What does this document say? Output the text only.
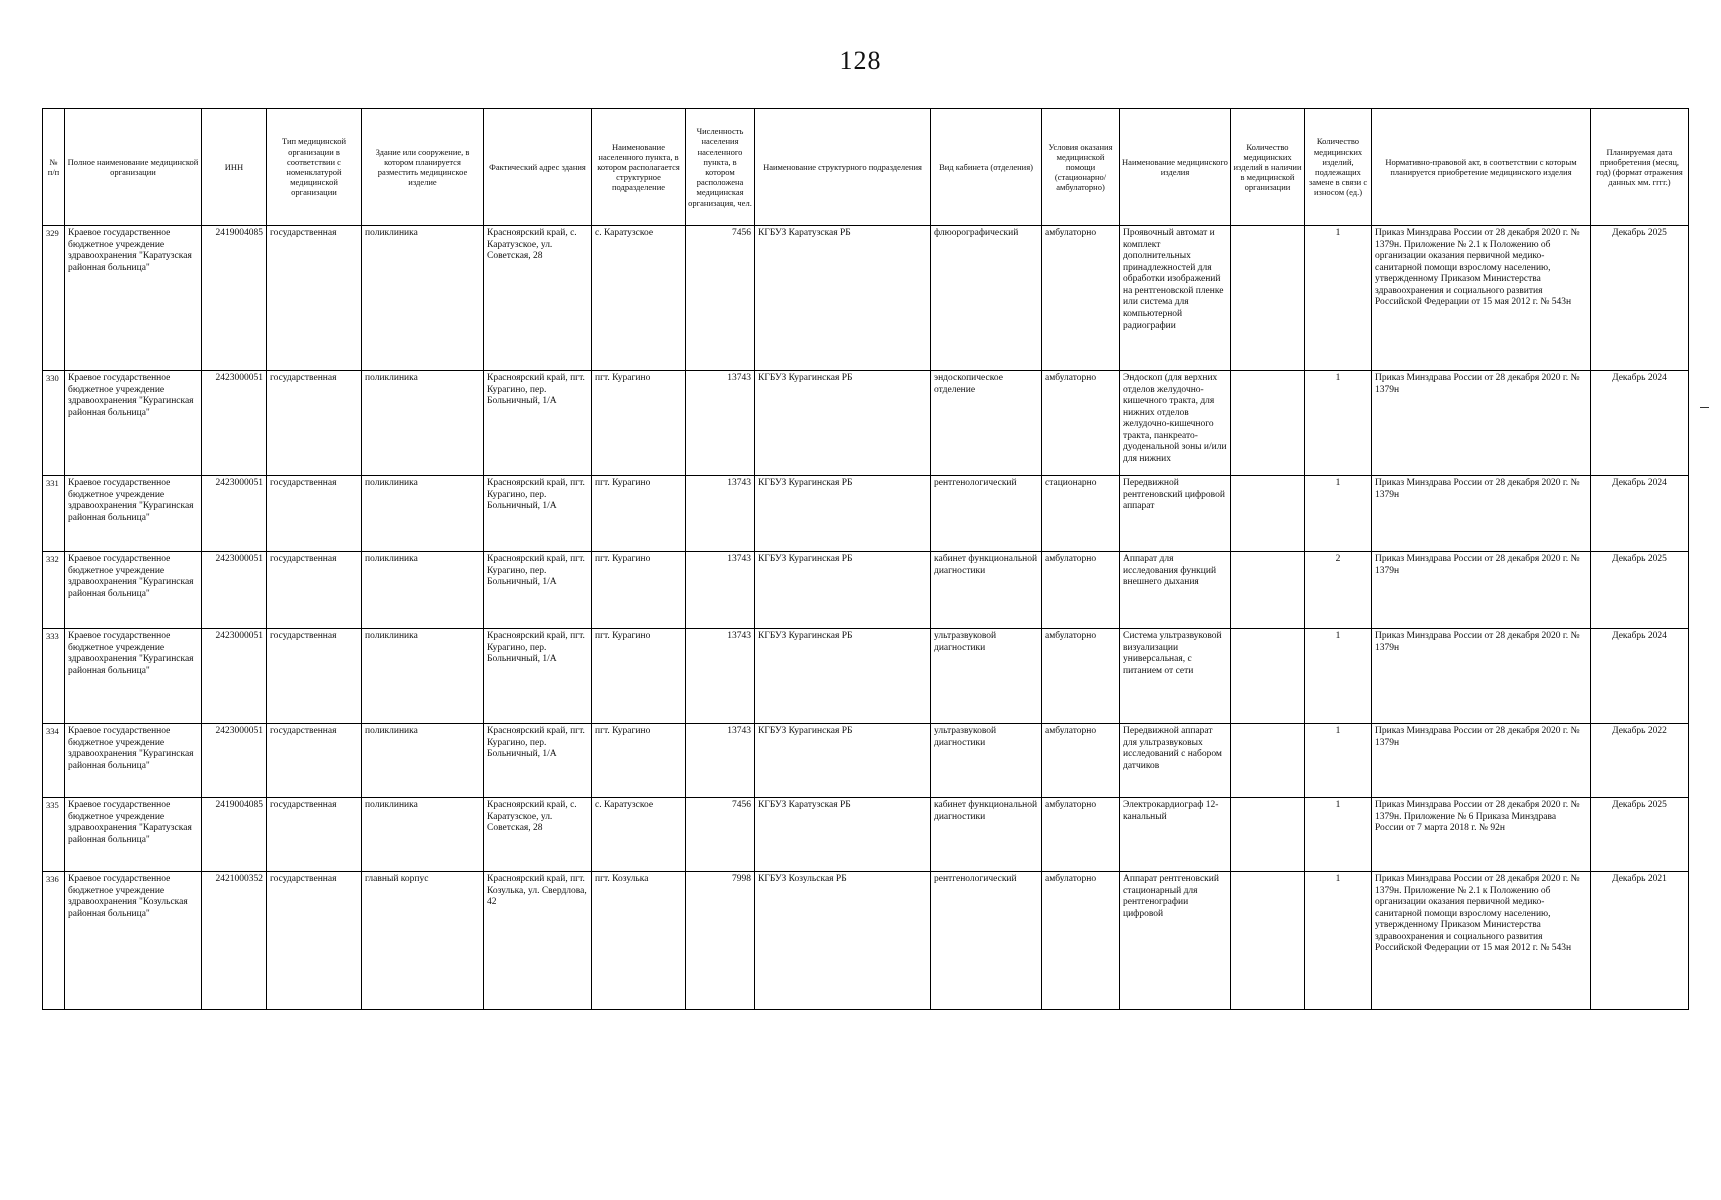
128
№ п/п	Полное наименование медицинской организации	ИНН	Тип медицинской организации в соответствии с номенклатурой медицинской организации	Здание или сооружение, в котором планируется разместить медицинское изделие	Фактический адрес здания	Наименование населенного пункта, в котором располагается структурное подразделение	Численность населения населенного пункта, в котором расположена медицинская организация, чел.	Наименование структурного подразделения	Вид кабинета (отделения)	Условия оказания медицинской помощи (стационарно/ амбулаторно)	Наименование медицинского изделия	Количество медицинских изделий в наличии в медицинской организации	Количество медицинских изделий, подлежащих замене в связи с износом (ед.)	Нормативно-правовой акт, в соответствии с которым планируется приобретение медицинского изделия	Планируемая дата приобретения (месяц, год) (формат отражения данных мм. гггг.)
329	Краевое государственное бюджетное учреждение здравоохранения "Каратузская районная больница"	2419004085	государственная	поликлиника	Красноярский край, с. Каратузское, ул. Советская, 28	с. Каратузское	7456	КГБУЗ Каратузская РБ	флюорографический	амбулаторно	Проявочный автомат и комплект дополнительных принадлежностей для обработки изображений на рентгеновской пленке или система для компьютерной радиографии		1	Приказ Минздрава России от 28 декабря 2020 г. № 1379н. Приложение № 2.1 к Положению об организации оказания первичной медико-санитарной помощи взрослому населению, утвержденному Приказом Министерства здравоохранения и социального развития Российской Федерации от 15 мая 2012 г. № 543н	Декабрь 2025
330	Краевое государственное бюджетное учреждение здравоохранения "Курагинская районная больница"	2423000051	государственная	поликлиника	Красноярский край, пгт. Курагино, пер. Больничный, 1/А	пгт. Курагино	13743	КГБУЗ Курагинская РБ	эндоскопическое отделение	амбулаторно	Эндоскоп (для верхних отделов желудочно-кишечного тракта, для нижних отделов желудочно-кишечного тракта, панкреато-дуоденальной зоны и/или для нижних		1	Приказ Минздрава России от 28 декабря 2020 г. № 1379н	Декабрь 2024
331	Краевое государственное бюджетное учреждение здравоохранения "Курагинская районная больница"	2423000051	государственная	поликлиника	Красноярский край, пгт. Курагино, пер. Больничный, 1/А	пгт. Курагино	13743	КГБУЗ Курагинская РБ	рентгенологический	стационарно	Передвижной рентгеновский цифровой аппарат		1	Приказ Минздрава России от 28 декабря 2020 г. № 1379н	Декабрь 2024
332	Краевое государственное бюджетное учреждение здравоохранения "Курагинская районная больница"	2423000051	государственная	поликлиника	Красноярский край, пгт. Курагино, пер. Больничный, 1/А	пгт. Курагино	13743	КГБУЗ Курагинская РБ	кабинет функциональной диагностики	амбулаторно	Аппарат для исследования функций внешнего дыхания		2	Приказ Минздрава России от 28 декабря 2020 г. № 1379н	Декабрь 2025
333	Краевое государственное бюджетное учреждение здравоохранения "Курагинская районная больница"	2423000051	государственная	поликлиника	Красноярский край, пгт. Курагино, пер. Больничный, 1/А	пгт. Курагино	13743	КГБУЗ Курагинская РБ	ультразвуковой диагностики	амбулаторно	Система ультразвуковой визуализации универсальная, с питанием от сети		1	Приказ Минздрава России от 28 декабря 2020 г. № 1379н	Декабрь 2024
334	Краевое государственное бюджетное учреждение здравоохранения "Курагинская районная больница"	2423000051	государственная	поликлиника	Красноярский край, пгт. Курагино, пер. Больничный, 1/А	пгт. Курагино	13743	КГБУЗ Курагинская РБ	ультразвуковой диагностики	амбулаторно	Передвижной аппарат для ультразвуковых исследований с набором датчиков		1	Приказ Минздрава России от 28 декабря 2020 г. № 1379н	Декабрь 2022
335	Краевое государственное бюджетное учреждение здравоохранения "Каратузская районная больница"	2419004085	государственная	поликлиника	Красноярский край, с. Каратузское, ул. Советская, 28	с. Каратузское	7456	КГБУЗ Каратузская РБ	кабинет функциональной диагностики	амбулаторно	Электрокардиограф 12-канальный		1	Приказ Минздрава России от 28 декабря 2020 г. № 1379н. Приложение № 6 Приказа Минздрава России от 7 марта 2018 г. № 92н	Декабрь 2025
336	Краевое государственное бюджетное учреждение здравоохранения "Козульская районная больница"	2421000352	государственная	главный корпус	Красноярский край, пгт. Козулька, ул. Свердлова, 42	пгт. Козулька	7998	КГБУЗ Козульская РБ	рентгенологический	амбулаторно	Аппарат рентгеновский стационарный для рентгенографии цифровой		1	Приказ Минздрава России от 28 декабря 2020 г. № 1379н. Приложение № 2.1 к Положению об организации оказания первичной медико-санитарной помощи взрослому населению, утвержденному Приказом Министерства здравоохранения и социального развития Российской Федерации от 15 мая 2012 г. № 543н	Декабрь 2021
